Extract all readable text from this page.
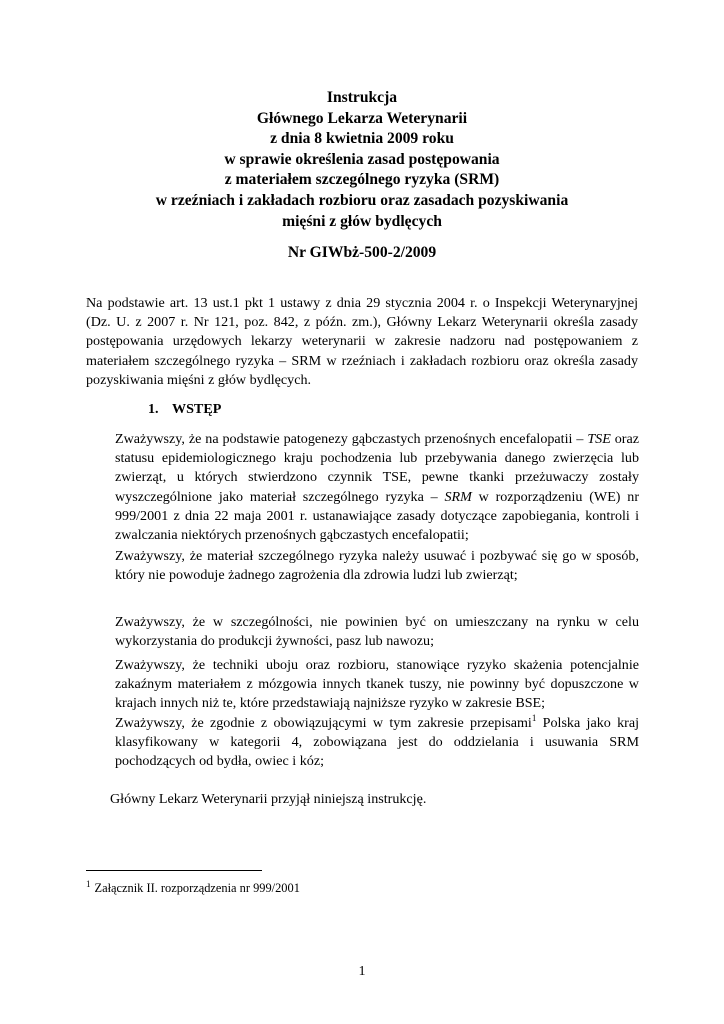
Instrukcja
Głównego Lekarza Weterynarii
z dnia 8 kwietnia 2009 roku
w sprawie określenia zasad postępowania
z materiałem szczególnego ryzyka (SRM)
w rzeźniach i zakładach rozbioru oraz zasadach pozyskiwania
mięśni z głów bydlęcych
Nr GIWbż-500-2/2009
Na podstawie art. 13 ust.1 pkt 1 ustawy z dnia 29 stycznia 2004 r. o Inspekcji Weterynaryjnej (Dz. U. z 2007 r. Nr 121, poz. 842, z późn. zm.), Główny Lekarz Weterynarii określa zasady postępowania urzędowych lekarzy weterynarii w zakresie nadzoru nad postępowaniem z materiałem szczególnego ryzyka – SRM w rzeźniach i zakładach rozbioru oraz określa zasady pozyskiwania mięśni z głów bydlęcych.
1. WSTĘP
Zważywszy, że na podstawie patogenezy gąbczastych przenośnych encefalopatii – TSE oraz statusu epidemiologicznego kraju pochodzenia lub przebywania danego zwierzęcia lub zwierząt, u których stwierdzono czynnik TSE, pewne tkanki przeżuwaczy zostały wyszczególnione jako materiał szczególnego ryzyka – SRM w rozporządzeniu (WE) nr 999/2001 z dnia 22 maja 2001 r. ustanawiające zasady dotyczące zapobiegania, kontroli i zwalczania niektórych przenośnych gąbczastych encefalopatii;
Zważywszy, że materiał szczególnego ryzyka należy usuwać i pozbywać się go w sposób, który nie powoduje żadnego zagrożenia dla zdrowia ludzi lub zwierząt;
Zważywszy, że w szczególności, nie powinien być on umieszczany na rynku w celu wykorzystania do produkcji żywności, pasz lub nawozu;
Zważywszy, że techniki uboju oraz rozbioru, stanowiące ryzyko skażenia potencjalnie zakaźnym materiałem z mózgowia innych tkanek tuszy, nie powinny być dopuszczone w krajach innych niż te, które przedstawiają najniższe ryzyko w zakresie BSE;
Zważywszy, że zgodnie z obowiązującymi w tym zakresie przepisami$^1$ Polska jako kraj klasyfikowany w kategorii 4, zobowiązana jest do oddzielania i usuwania SRM pochodzących od bydła, owiec i kóz;
Główny Lekarz Weterynarii przyjął niniejszą instrukcję.
$^1$ Załącznik II. rozporządzenia nr 999/2001
1
